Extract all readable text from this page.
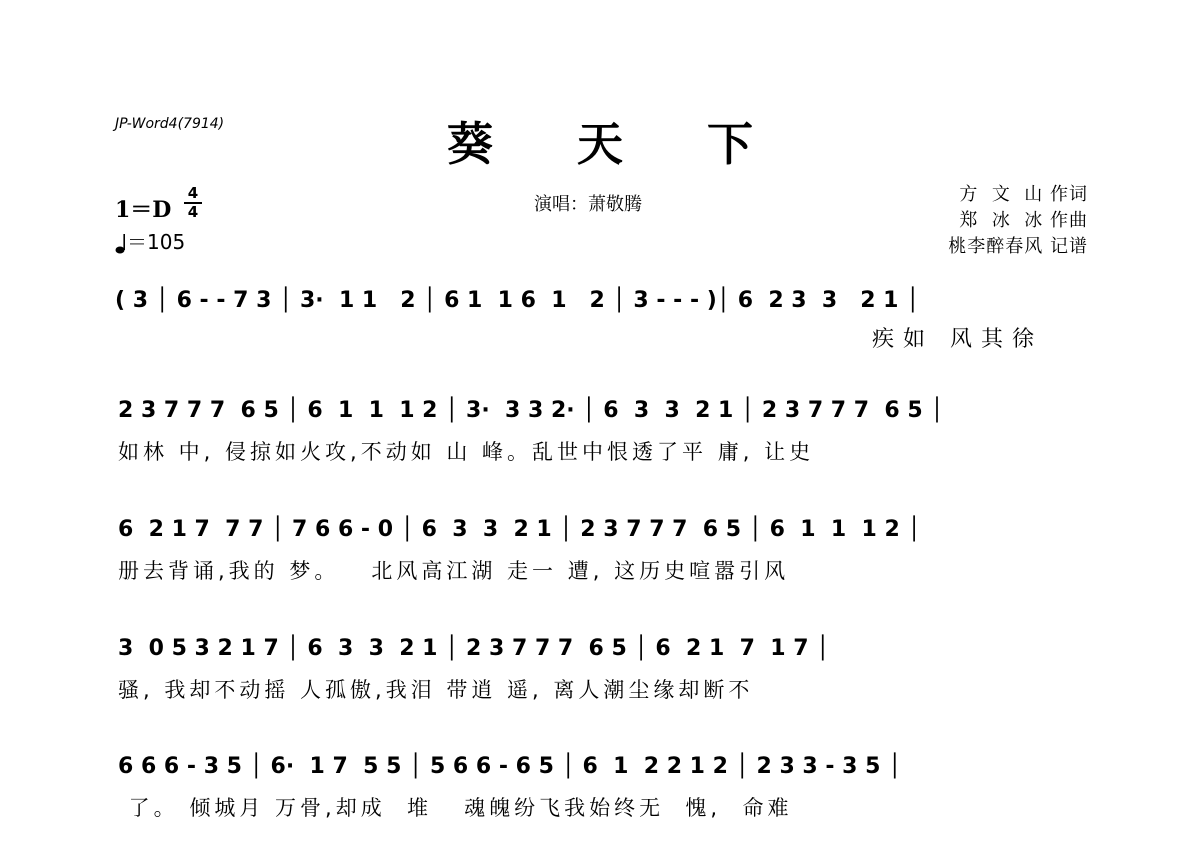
JP-Word4(7914)	葵 天 下
演唱：萧敬腾	方  文  山 作词
郑  冰  冰 作曲
桃李醉春风 记谱
1＝D
4
4
＝105
( 3 │ 6 - - 7 3 │ 3·  1 1   2 │ 6 1  1 6  1   2 │ 3 - - - )│ 6  2 3  3   2 1 │
疾如 风其徐
2 3 7 7 7  6 5 │ 6  1  1  1 2 │ 3·  3 3 2· │ 6  3  3  2 1 │ 2 3 7 7 7  6 5 │
如林 中, 侵掠如火攻,不动如 山 峰。乱世中恨透了平 庸, 让史
6  2 1 7  7 7 │ 7 6 6 - 0 │ 6  3  3  2 1 │ 2 3 7 7 7  6 5 │ 6  1  1  1 2 │
册去背诵,我的 梦。   北风高江湖 走一 遭, 这历史喧嚣引风
3  0 5 3 2 1 7 │ 6  3  3  2 1 │ 2 3 7 7 7  6 5 │ 6  2 1  7  1 7 │
骚, 我却不动摇 人孤傲,我泪 带逍 遥, 离人潮尘缘却断不
6 6 6 - 3 5 │ 6·  1 7  5 5 │ 5 6 6 - 6 5 │ 6  1  2 2 1 2 │ 2 3 3 - 3 5 │
了。 倾城月 万骨,却成  堆   魂魄纷飞我始终无  愧,  命难
